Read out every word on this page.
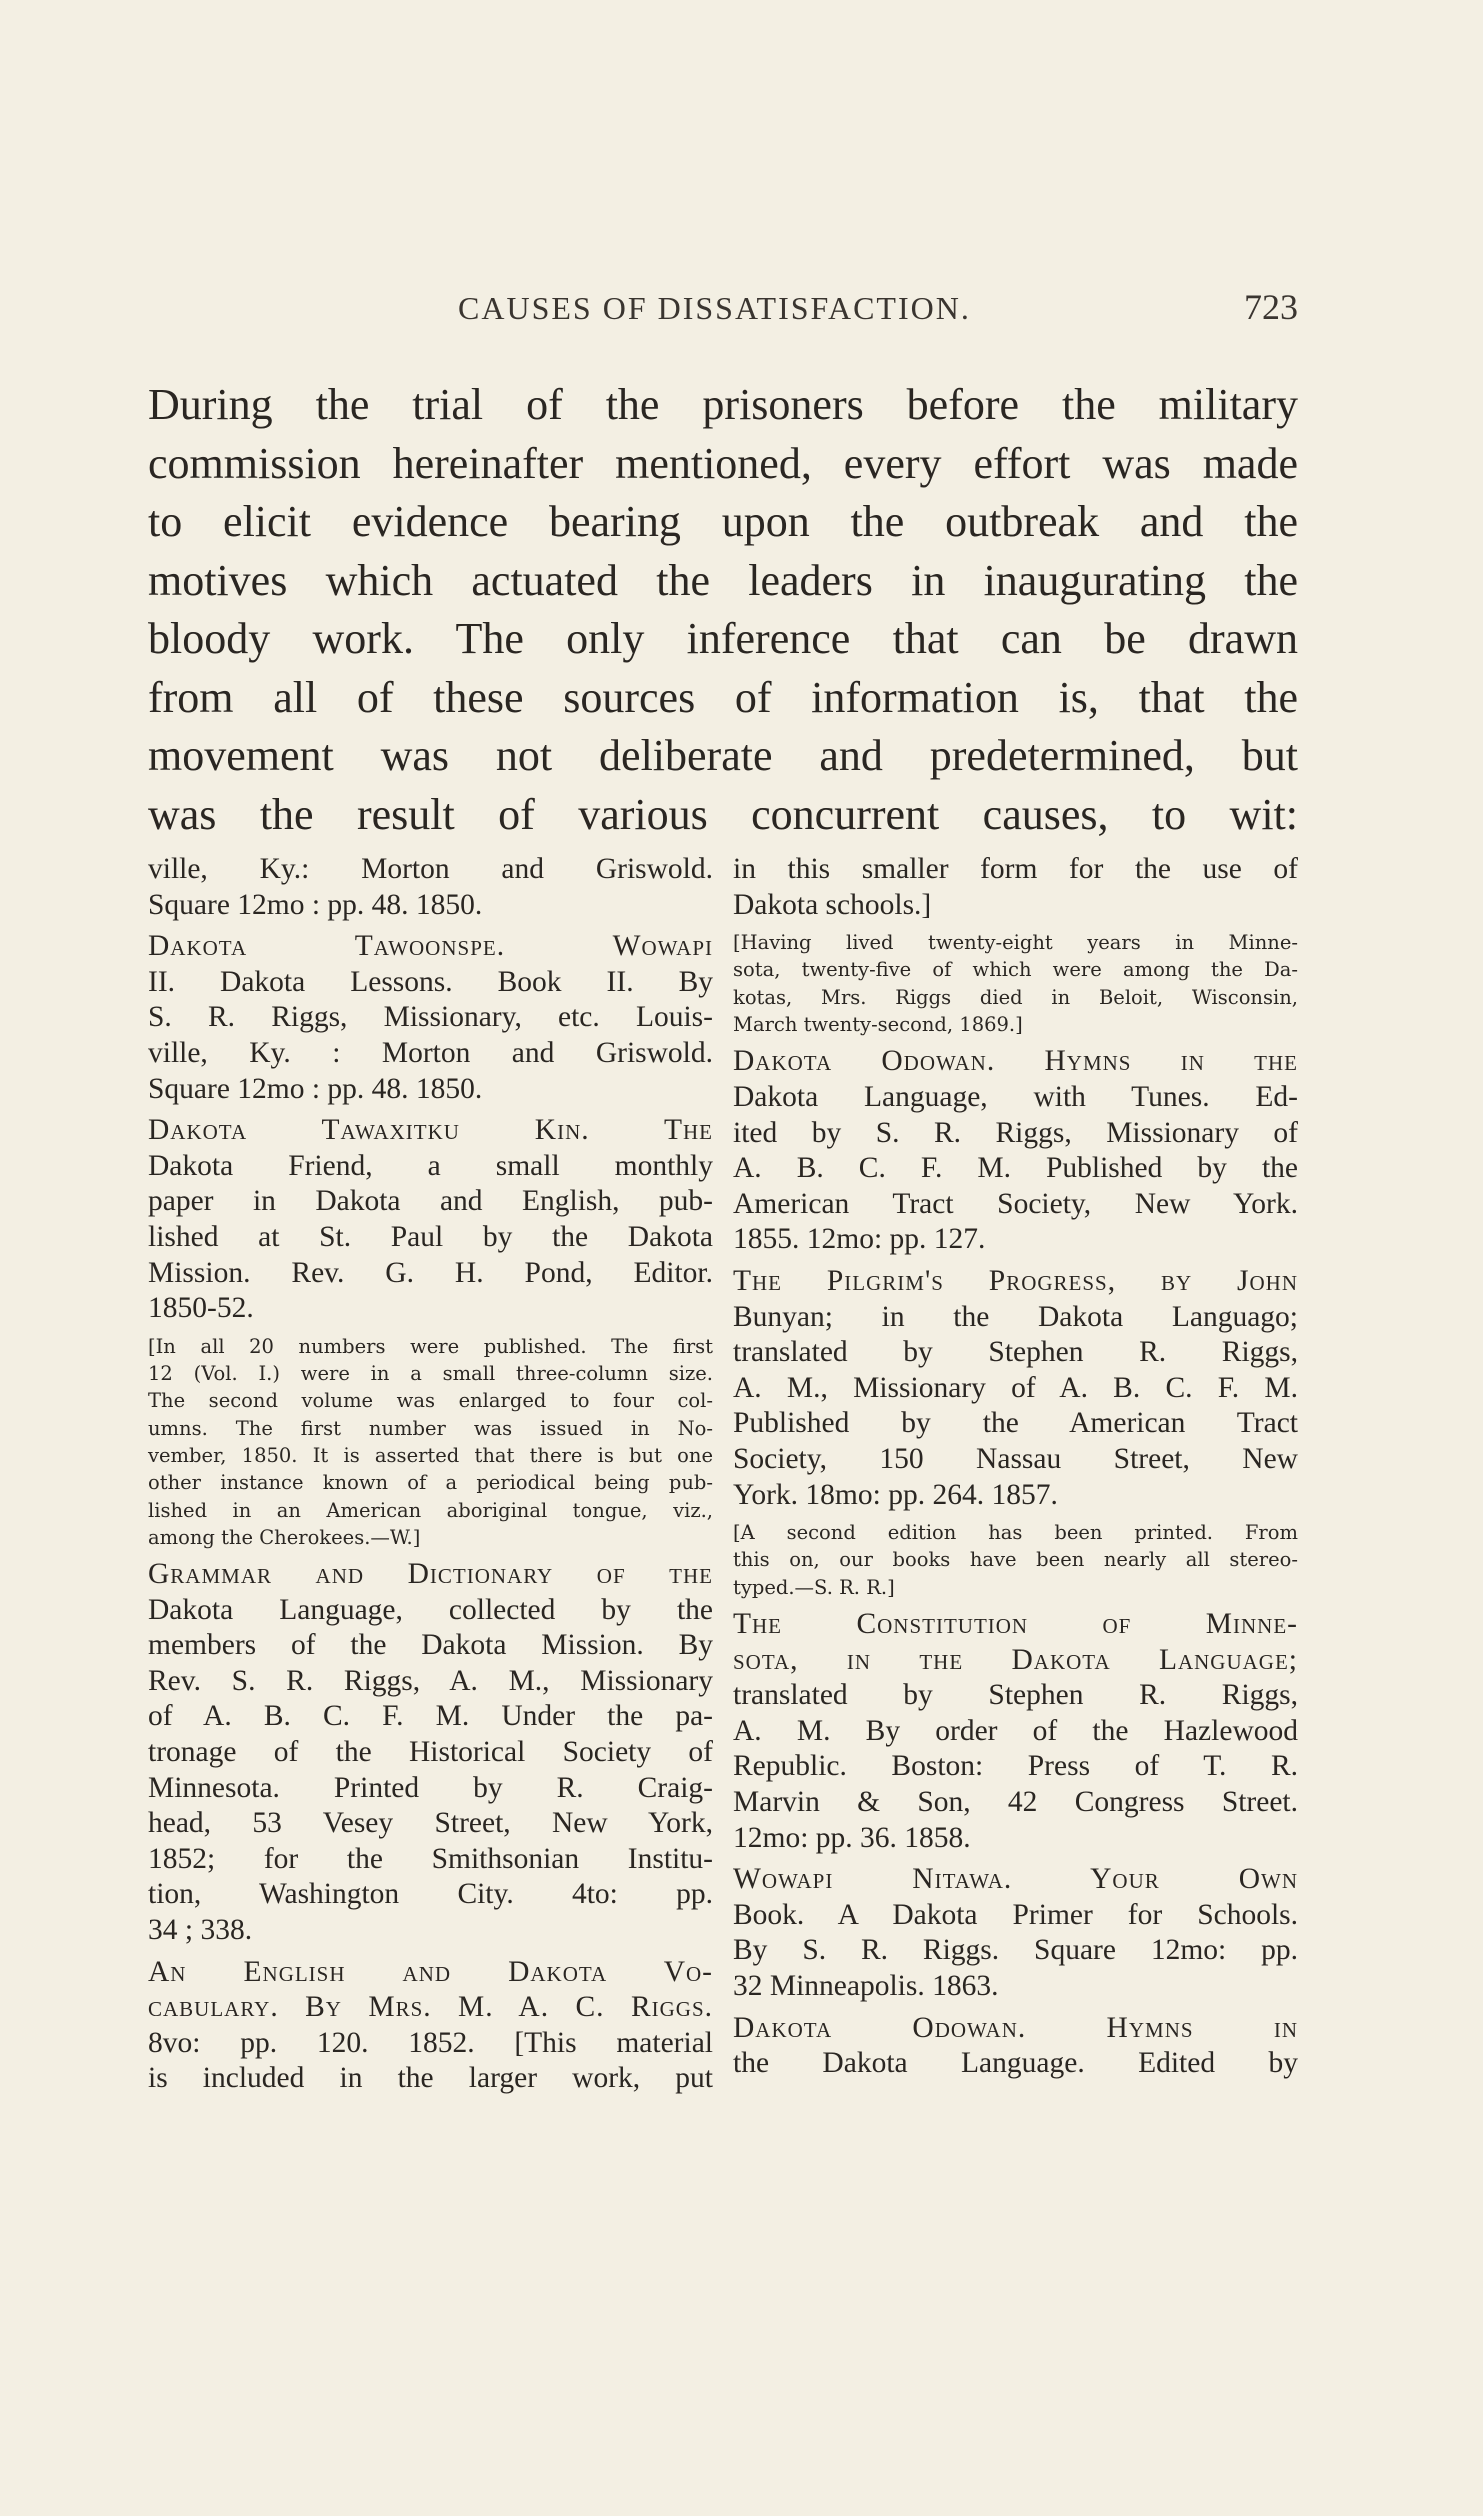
CAUSES OF DISSATISFACTION.	723
During the trial of the prisoners before the military
commission hereinafter mentioned, every effort was made
to elicit evidence bearing upon the outbreak and the
motives which actuated the leaders in inaugurating the
bloody work. The only inference that can be drawn
from all of these sources of information is, that the
movement was not deliberate and predetermined, but
was the result of various concurrent causes, to wit:
ville, Ky.: Morton and Griswold.
Square 12mo : pp. 48. 1850.
Dakota Tawoonspe. Wowapi
II. Dakota Lessons. Book II. By
S. R. Riggs, Missionary, etc. Louis-
ville, Ky. : Morton and Griswold.
Square 12mo : pp. 48. 1850.
Dakota Tawaxitku Kin. The
Dakota Friend, a small monthly
paper in Dakota and English, pub-
lished at St. Paul by the Dakota
Mission. Rev. G. H. Pond, Editor.
1850-52.
[In all 20 numbers were published. The first
12 (Vol. I.) were in a small three-column size.
The second volume was enlarged to four col-
umns. The first number was issued in No-
vember, 1850. It is asserted that there is but one
other instance known of a periodical being pub-
lished in an American aboriginal tongue, viz.,
among the Cherokees.—W.]
Grammar and Dictionary of the
Dakota Language, collected by the
members of the Dakota Mission. By
Rev. S. R. Riggs, A. M., Missionary
of A. B. C. F. M. Under the pa-
tronage of the Historical Society of
Minnesota. Printed by R. Craig-
head, 53 Vesey Street, New York,
1852; for the Smithsonian Institu-
tion, Washington City. 4to: pp.
34 ; 338.
An English and Dakota Vo-
cabulary. By Mrs. M. A. C. Riggs.
8vo: pp. 120. 1852. [This material
is included in the larger work, put
in this smaller form for the use of
Dakota schools.]
[Having lived twenty-eight years in Minne-
sota, twenty-five of which were among the Da-
kotas, Mrs. Riggs died in Beloit, Wisconsin,
March twenty-second, 1869.]
Dakota Odowan. Hymns in the
Dakota Language, with Tunes. Ed-
ited by S. R. Riggs, Missionary of
A. B. C. F. M. Published by the
American Tract Society, New York.
1855. 12mo: pp. 127.
The Pilgrim's Progress, by John
Bunyan; in the Dakota Languago;
translated by Stephen R. Riggs,
A. M., Missionary of A. B. C. F. M.
Published by the American Tract
Society, 150 Nassau Street, New
York. 18mo: pp. 264. 1857.
[A second edition has been printed. From
this on, our books have been nearly all stereo-
typed.—S. R. R.]
The Constitution of Minne-
sota, in the Dakota Language;
translated by Stephen R. Riggs,
A. M. By order of the Hazlewood
Republic. Boston: Press of T. R.
Marvin & Son, 42 Congress Street.
12mo: pp. 36. 1858.
Wowapi Nitawa. Your Own
Book. A Dakota Primer for Schools.
By S. R. Riggs. Square 12mo: pp.
32 Minneapolis. 1863.
Dakota Odowan. Hymns in
the Dakota Language. Edited by
